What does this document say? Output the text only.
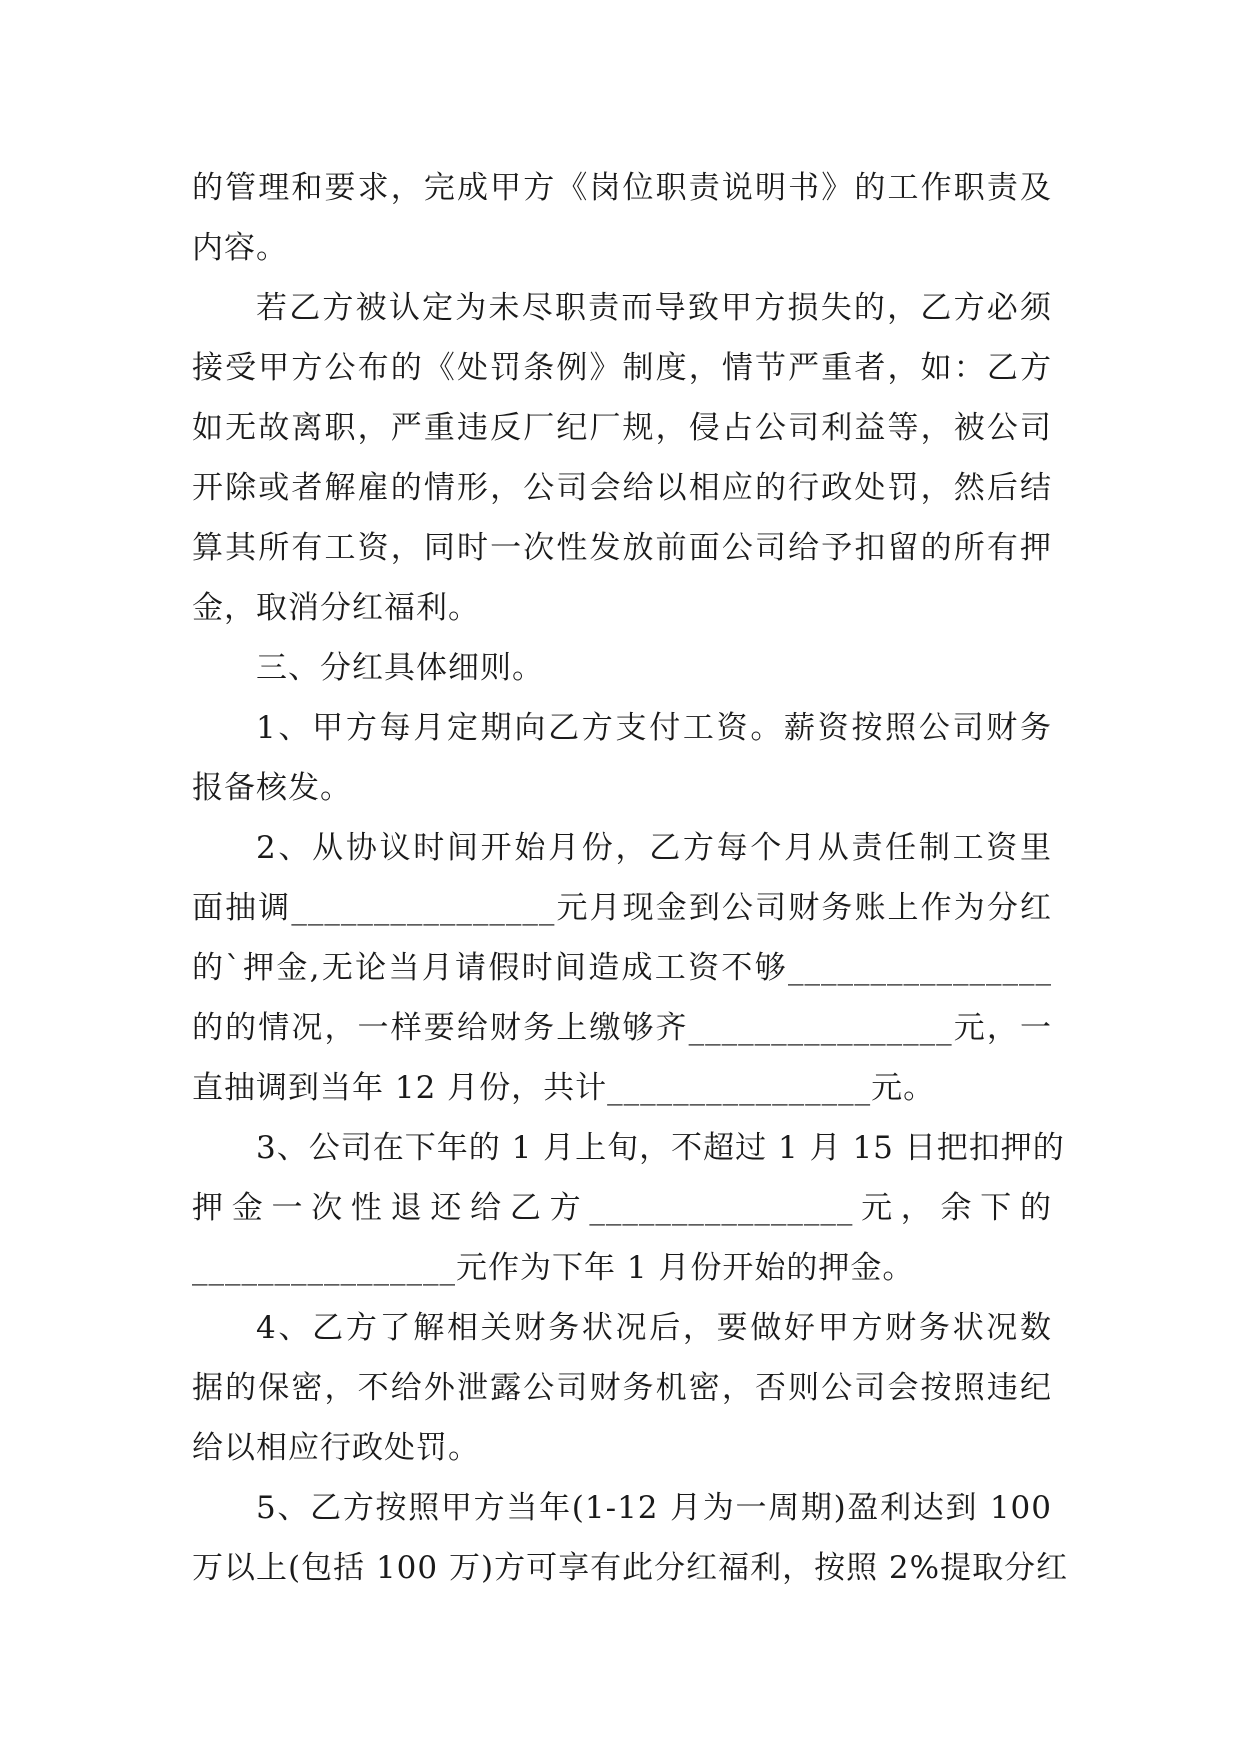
的管理和要求，完成甲方《岗位职责说明书》的工作职责及
内容。
若乙方被认定为未尽职责而导致甲方损失的，乙方必须
接受甲方公布的《处罚条例》制度，情节严重者，如：乙方
如无故离职，严重违反厂纪厂规，侵占公司利益等，被公司
开除或者解雇的情形，公司会给以相应的行政处罚，然后结
算其所有工资，同时一次性发放前面公司给予扣留的所有押
金，取消分红福利。
三、分红具体细则。
1、甲方每月定期向乙方支付工资。薪资按照公司财务
报备核发。
2、从协议时间开始月份，乙方每个月从责任制工资里
面抽调________________元月现金到公司财务账上作为分红
的`押金,无论当月请假时间造成工资不够________________
的的情况，一样要给财务上缴够齐________________元，一
直抽调到当年 12 月份，共计________________元。
3、公司在下年的 1 月上旬，不超过 1 月 15 日把扣押的
押金一次性退还给乙方________________元，余下的
________________元作为下年 1 月份开始的押金。
4、乙方了解相关财务状况后，要做好甲方财务状况数
据的保密，不给外泄露公司财务机密，否则公司会按照违纪
给以相应行政处罚。
5、乙方按照甲方当年(1-12 月为一周期)盈利达到 100
万以上(包括 100 万)方可享有此分红福利，按照 2%提取分红
